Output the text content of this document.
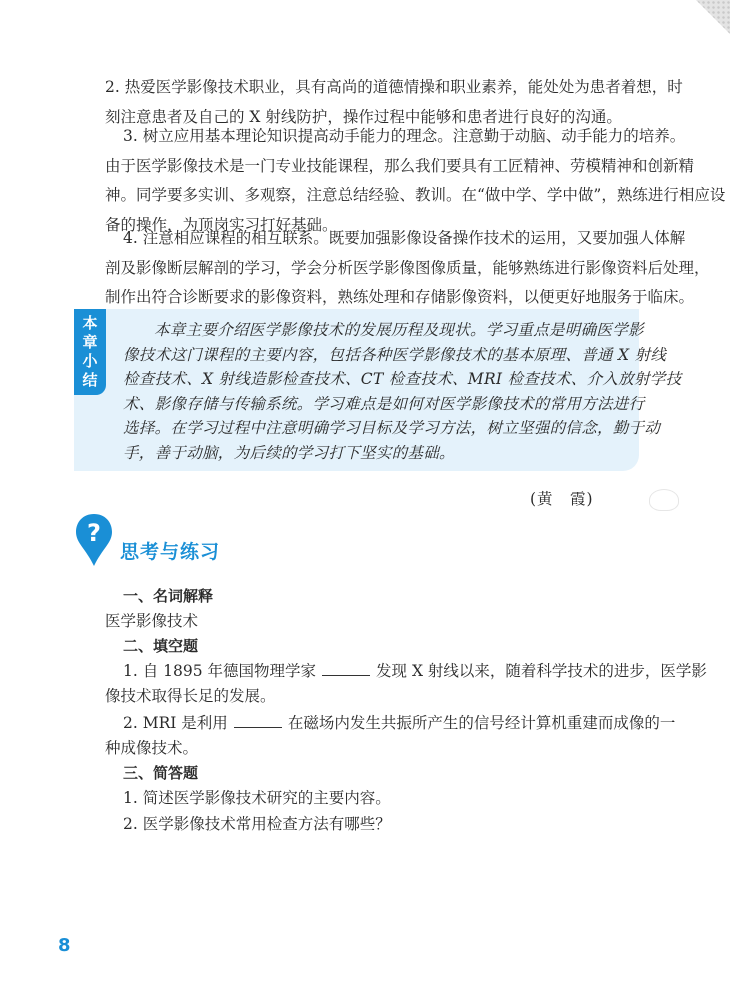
2. 热爱医学影像技术职业，具有高尚的道德情操和职业素养，能处处为患者着想，时
刻注意患者及自己的 X 射线防护，操作过程中能够和患者进行良好的沟通。

3. 树立应用基本理论知识提高动手能力的理念。注意勤于动脑、动手能力的培养。
由于医学影像技术是一门专业技能课程，那么我们要具有工匠精神、劳模精神和创新精
神。同学要多实训、多观察，注意总结经验、教训。在“做中学、学中做”，熟练进行相应设
备的操作，为顶岗实习打好基础。

4. 注意相应课程的相互联系。既要加强影像设备操作技术的运用，又要加强人体解
剖及影像断层解剖的学习，学会分析医学影像图像质量，能够熟练进行影像资料后处理，
制作出符合诊断要求的影像资料，熟练处理和存储影像资料，以便更好地服务于临床。

本
章
小
结

本章主要介绍医学影像技术的发展历程及现状。学习重点是明确医学影
像技术这门课程的主要内容，包括各种医学影像技术的基本原理、普通 X 射线
检查技术、X 射线造影检查技术、CT 检查技术、MRI 检查技术、介入放射学技
术、影像存储与传输系统。学习难点是如何对医学影像技术的常用方法进行
选择。在学习过程中注意明确学习目标及学习方法，树立坚强的信念，勤于动
手，善于动脑，为后续的学习打下坚实的基础。

(黄　霞)
?
思考与练习
一、名词解释
医学影像技术
二、填空题
1. 自 1895 年德国物理学家	发现 X 射线以来，随着科学技术的进步，医学影
像技术取得长足的发展。
2. MRI 是利用	在磁场内发生共振所产生的信号经计算机重建而成像的一
种成像技术。
三、简答题
1. 简述医学影像技术研究的主要内容。
2. 医学影像技术常用检查方法有哪些？
8
